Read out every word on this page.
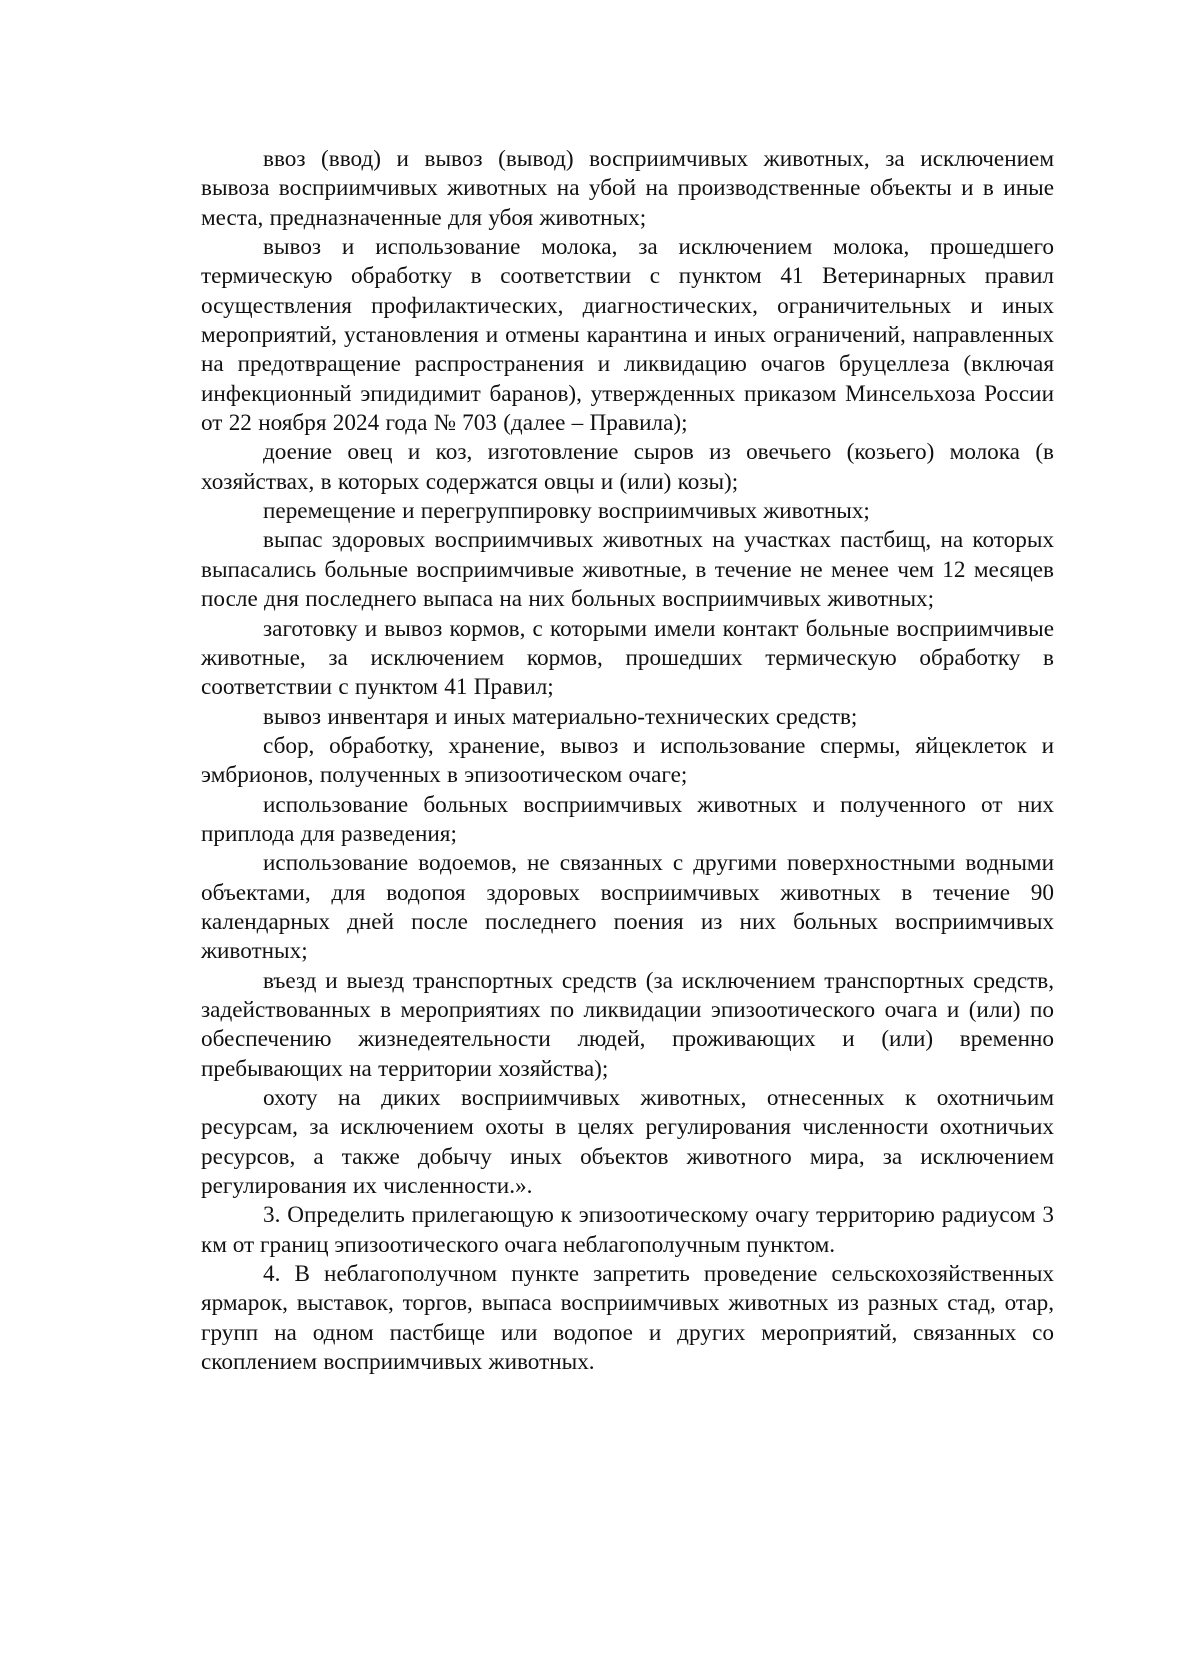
ввоз (ввод) и вывоз (вывод) восприимчивых животных, за исключением вывоза восприимчивых животных на убой на производственные объекты и в иные места, предназначенные для убоя животных;

вывоз и использование молока, за исключением молока, прошедшего термическую обработку в соответствии с пунктом 41 Ветеринарных правил осуществления профилактических, диагностических, ограничительных и иных мероприятий, установления и отмены карантина и иных ограничений, направленных на предотвращение распространения и ликвидацию очагов бруцеллеза (включая инфекционный эпидидимит баранов), утвержденных приказом Минсельхоза России от 22 ноября 2024 года № 703 (далее – Правила);

доение овец и коз, изготовление сыров из овечьего (козьего) молока (в хозяйствах, в которых содержатся овцы и (или) козы);

перемещение и перегруппировку восприимчивых животных;

выпас здоровых восприимчивых животных на участках пастбищ, на которых выпасались больные восприимчивые животные, в течение не менее чем 12 месяцев после дня последнего выпаса на них больных восприимчивых животных;

заготовку и вывоз кормов, с которыми имели контакт больные восприимчивые животные, за исключением кормов, прошедших термическую обработку в соответствии с пунктом 41 Правил;

вывоз инвентаря и иных материально-технических средств;

сбор, обработку, хранение, вывоз и использование спермы, яйцеклеток и эмбрионов, полученных в эпизоотическом очаге;

использование больных восприимчивых животных и полученного от них приплода для разведения;

использование водоемов, не связанных с другими поверхностными водными объектами, для водопоя здоровых восприимчивых животных в течение 90 календарных дней после последнего поения из них больных восприимчивых животных;

въезд и выезд транспортных средств (за исключением транспортных средств, задействованных в мероприятиях по ликвидации эпизоотического очага и (или) по обеспечению жизнедеятельности людей, проживающих и (или) временно пребывающих на территории хозяйства);

охоту на диких восприимчивых животных, отнесенных к охотничьим ресурсам, за исключением охоты в целях регулирования численности охотничьих ресурсов, а также добычу иных объектов животного мира, за исключением регулирования их численности.».

3. Определить прилегающую к эпизоотическому очагу территорию радиусом 3 км от границ эпизоотического очага неблагополучным пунктом.

4. В неблагополучном пункте запретить проведение сельскохозяйственных ярмарок, выставок, торгов, выпаса восприимчивых животных из разных стад, отар, групп на одном пастбище или водопое и других мероприятий, связанных со скоплением восприимчивых животных.
